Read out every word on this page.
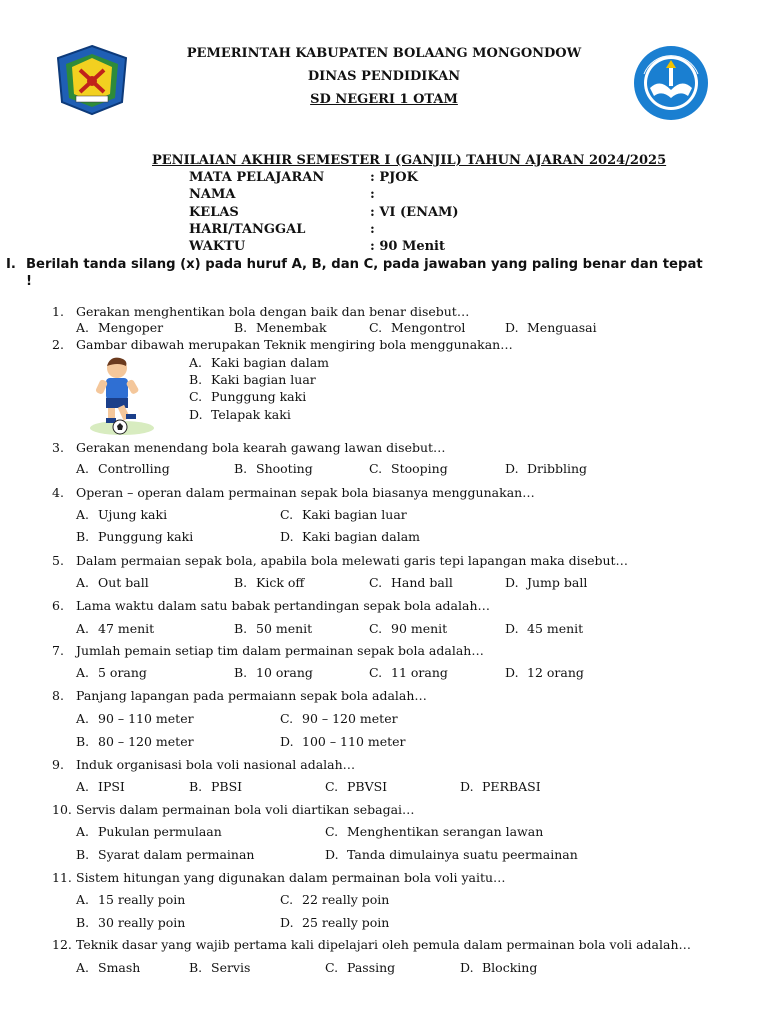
PEMERINTAH KABUPATEN BOLAANG MONGONDOW
DINAS PENDIDIKAN
SD NEGERI 1 OTAM
PENILAIAN AKHIR SEMESTER I (GANJIL) TAHUN AJARAN 2024/2025
MATA PELAJARAN	: PJOK
NAMA	:
KELAS	: VI (ENAM)
HARI/TANGGAL	:
WAKTU	: 90 Menit
I. Berilah tanda silang (x) pada huruf A, B, dan C, pada jawaban yang paling benar dan tepat !
1. Gerakan menghentikan bola dengan baik dan benar disebut…
A. Mengoper	B. Menembak	C. Mengontrol	D. Menguasai
2. Gambar dibawah merupakan Teknik mengiring bola menggunakan…
A. Kaki bagian dalam
B. Kaki bagian luar
C. Punggung kaki
D. Telapak kaki
3. Gerakan menendang bola kearah gawang lawan disebut…
A. Controlling	B. Shooting	C. Stooping	D. Dribbling
4. Operan – operan dalam permainan sepak bola biasanya menggunakan…
A. Ujung kaki	C. Kaki bagian luar
B. Punggung kaki	D. Kaki bagian dalam
5. Dalam permaian sepak bola, apabila bola melewati garis tepi lapangan maka disebut…
A. Out ball	B. Kick off	C. Hand ball	D. Jump ball
6. Lama waktu dalam satu babak pertandingan sepak bola adalah…
A. 47 menit	B. 50 menit	C. 90 menit	D. 45 menit
7. Jumlah pemain setiap tim dalam permainan sepak bola adalah…
A. 5 orang	B. 10 orang	C. 11 orang	D. 12 orang
8. Panjang lapangan pada permaiann sepak bola adalah…
A. 90 – 110 meter	C. 90 – 120 meter
B. 80 – 120 meter	D. 100 – 110 meter
9. Induk organisasi bola voli nasional adalah…
A. IPSI	B. PBSI	C. PBVSI	D. PERBASI
10. Servis dalam permainan bola voli diartikan sebagai…
A. Pukulan permulaan	C. Menghentikan serangan lawan
B. Syarat dalam permainan	D. Tanda dimulainya suatu peermainan
11. Sistem hitungan yang digunakan dalam permainan bola voli yaitu…
A. 15 really poin	C. 22 really poin
B. 30 really poin	D. 25 really poin
12. Teknik dasar yang wajib pertama kali dipelajari oleh pemula dalam permainan bola voli adalah…
A. Smash	B. Servis	C. Passing	D. Blocking
